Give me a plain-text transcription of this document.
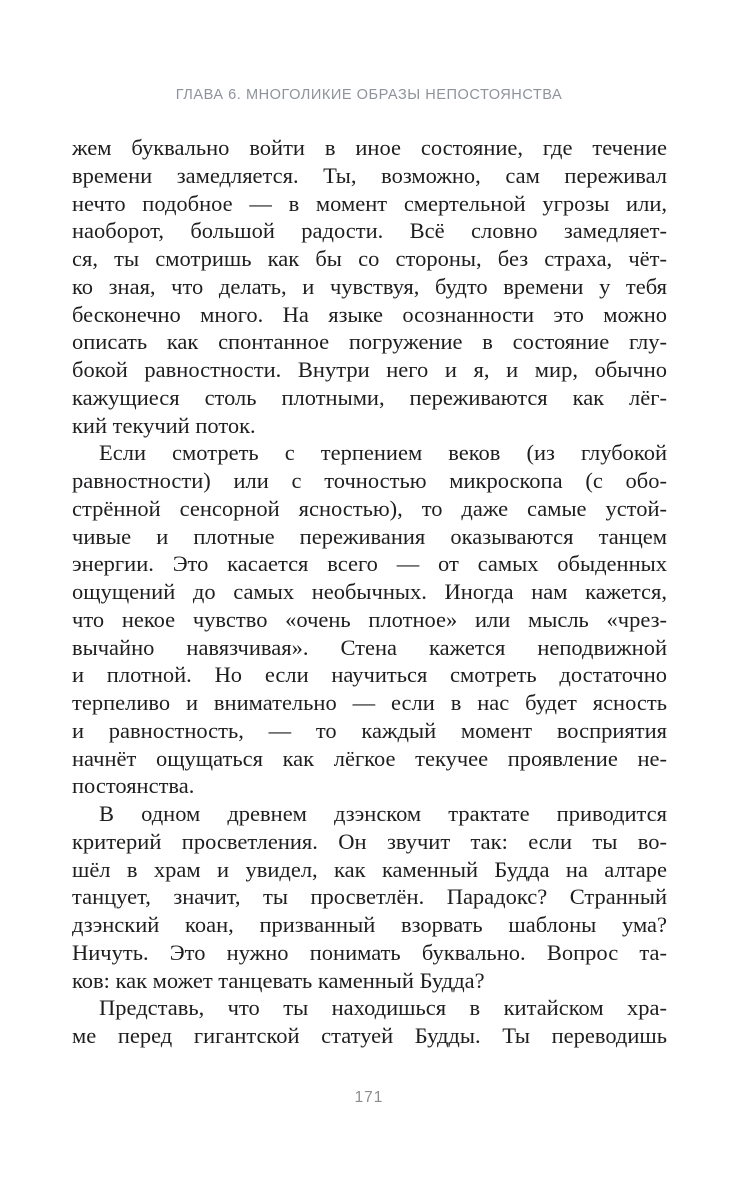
ГЛАВА 6. МНОГОЛИКИЕ ОБРАЗЫ НЕПОСТОЯНСТВА
жем буквально войти в иное состояние, где течение
времени замедляется. Ты, возможно, сам переживал
нечто подобное — в момент смертельной угрозы или,
наоборот, большой радости. Всё словно замедляет-
ся, ты смотришь как бы со стороны, без страха, чёт-
ко зная, что делать, и чувствуя, будто времени у тебя
бесконечно много. На языке осознанности это можно
описать как спонтанное погружение в состояние глу-
бокой равностности. Внутри него и я, и мир, обычно
кажущиеся столь плотными, переживаются как лёг-
кий текучий поток.
Если смотреть с терпением веков (из глубокой
равностности) или с точностью микроскопа (с обо-
стрённой сенсорной ясностью), то даже самые устой-
чивые и плотные переживания оказываются танцем
энергии. Это касается всего — от самых обыденных
ощущений до самых необычных. Иногда нам кажется,
что некое чувство «очень плотное» или мысль «чрез-
вычайно навязчивая». Стена кажется неподвижной
и плотной. Но если научиться смотреть достаточно
терпеливо и внимательно — если в нас будет ясность
и равностность, — то каждый момент восприятия
начнёт ощущаться как лёгкое текучее проявление не-
постоянства.
В одном древнем дзэнском трактате приводится
критерий просветления. Он звучит так: если ты во-
шёл в храм и увидел, как каменный Будда на алтаре
танцует, значит, ты просветлён. Парадокс? Странный
дзэнский коан, призванный взорвать шаблоны ума?
Ничуть. Это нужно понимать буквально. Вопрос та-
ков: как может танцевать каменный Будда?
Представь, что ты находишься в китайском хра-
ме перед гигантской статуей Будды. Ты переводишь
171
